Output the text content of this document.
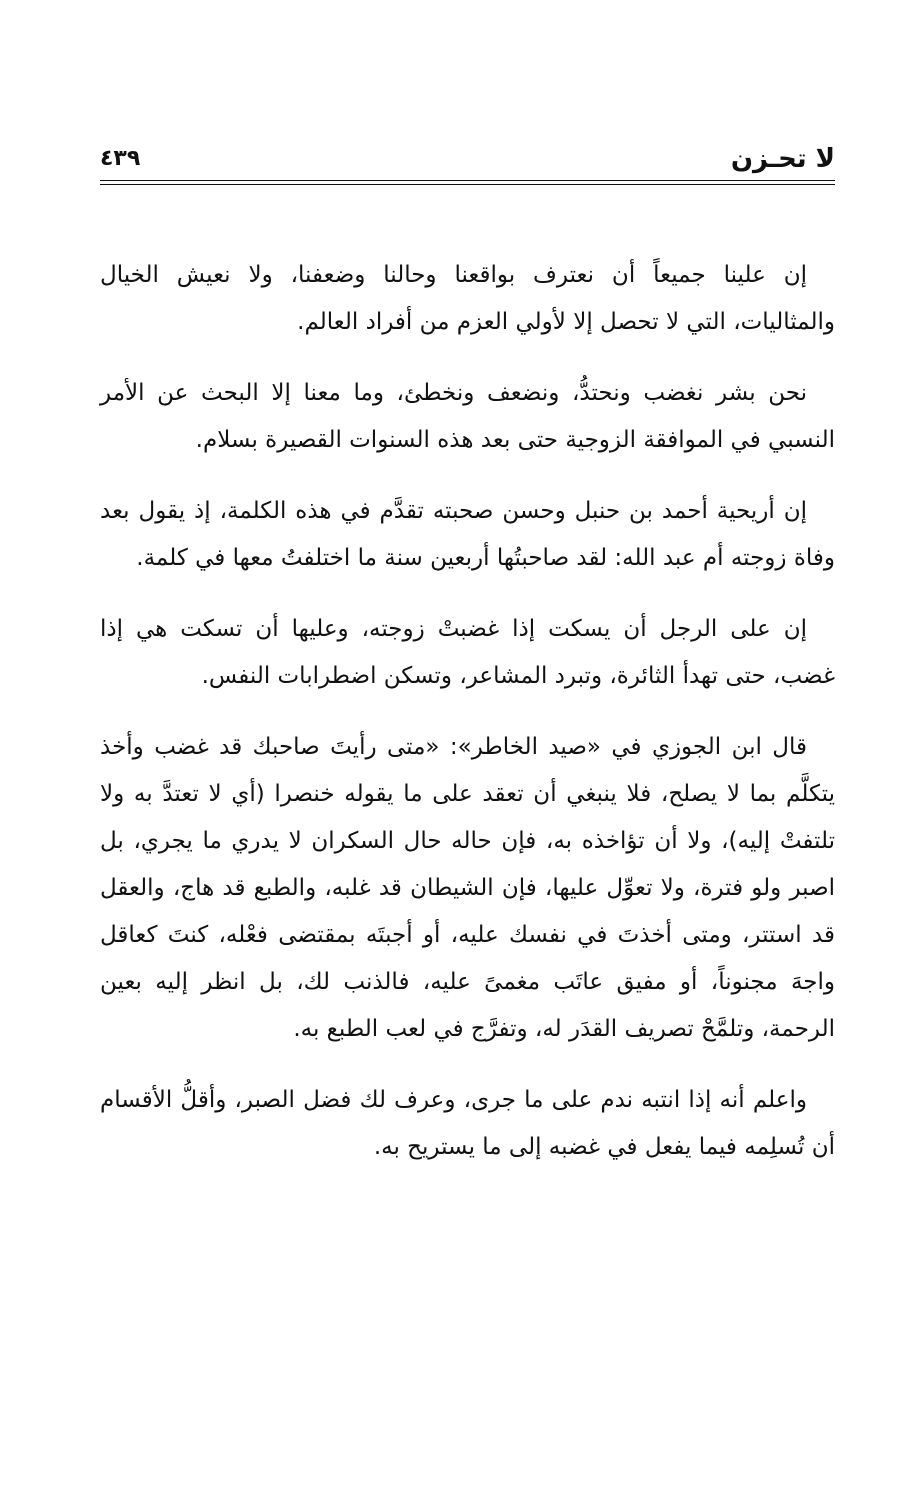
لا تحـزن
٤٣٩

إن علينا جميعاً أن نعترف بواقعنا وحالنا وضعفنا، ولا نعيش الخيال والمثاليات، التي لا تحصل إلا لأولي العزم من أفراد العالم.

نحن بشر نغضب ونحتدُّ، ونضعف ونخطئ، وما معنا إلا البحث عن الأمر النسبي في الموافقة الزوجية حتى بعد هذه السنوات القصيرة بسلام.

إن أريحية أحمد بن حنبل وحسن صحبته تقدَّم في هذه الكلمة، إذ يقول بعد وفاة زوجته أم عبد الله: لقد صاحبتُها أربعين سنة ما اختلفتُ معها في كلمة.

إن على الرجل أن يسكت إذا غضبتْ زوجته، وعليها أن تسكت هي إذا غضب، حتى تهدأ الثائرة، وتبرد المشاعر، وتسكن اضطرابات النفس.

قال ابن الجوزي في «صيد الخاطر»: «متى رأيتَ صاحبك قد غضب وأخذ يتكلَّم بما لا يصلح، فلا ينبغي أن تعقد على ما يقوله خنصرا (أي لا تعتدَّ به ولا تلتفتْ إليه)، ولا أن تؤاخذه به، فإن حاله حال السكران لا يدري ما يجري، بل اصبر ولو فترة، ولا تعوِّل عليها، فإن الشيطان قد غلبه، والطبع قد هاج، والعقل قد استتر، ومتى أخذتَ في نفسك عليه، أو أجبتَه بمقتضى فعْله، كنتَ كعاقل واجهَ مجنوناً، أو مفيق عاتَب مغمىً عليه، فالذنب لك، بل انظر إليه بعين الرحمة، وتلمَّحْ تصريف القدَر له، وتفرَّج في لعب الطبع به.

واعلم أنه إذا انتبه ندم على ما جرى، وعرف لك فضل الصبر، وأقلُّ الأقسام أن تُسلِمه فيما يفعل في غضبه إلى ما يستريح به.
